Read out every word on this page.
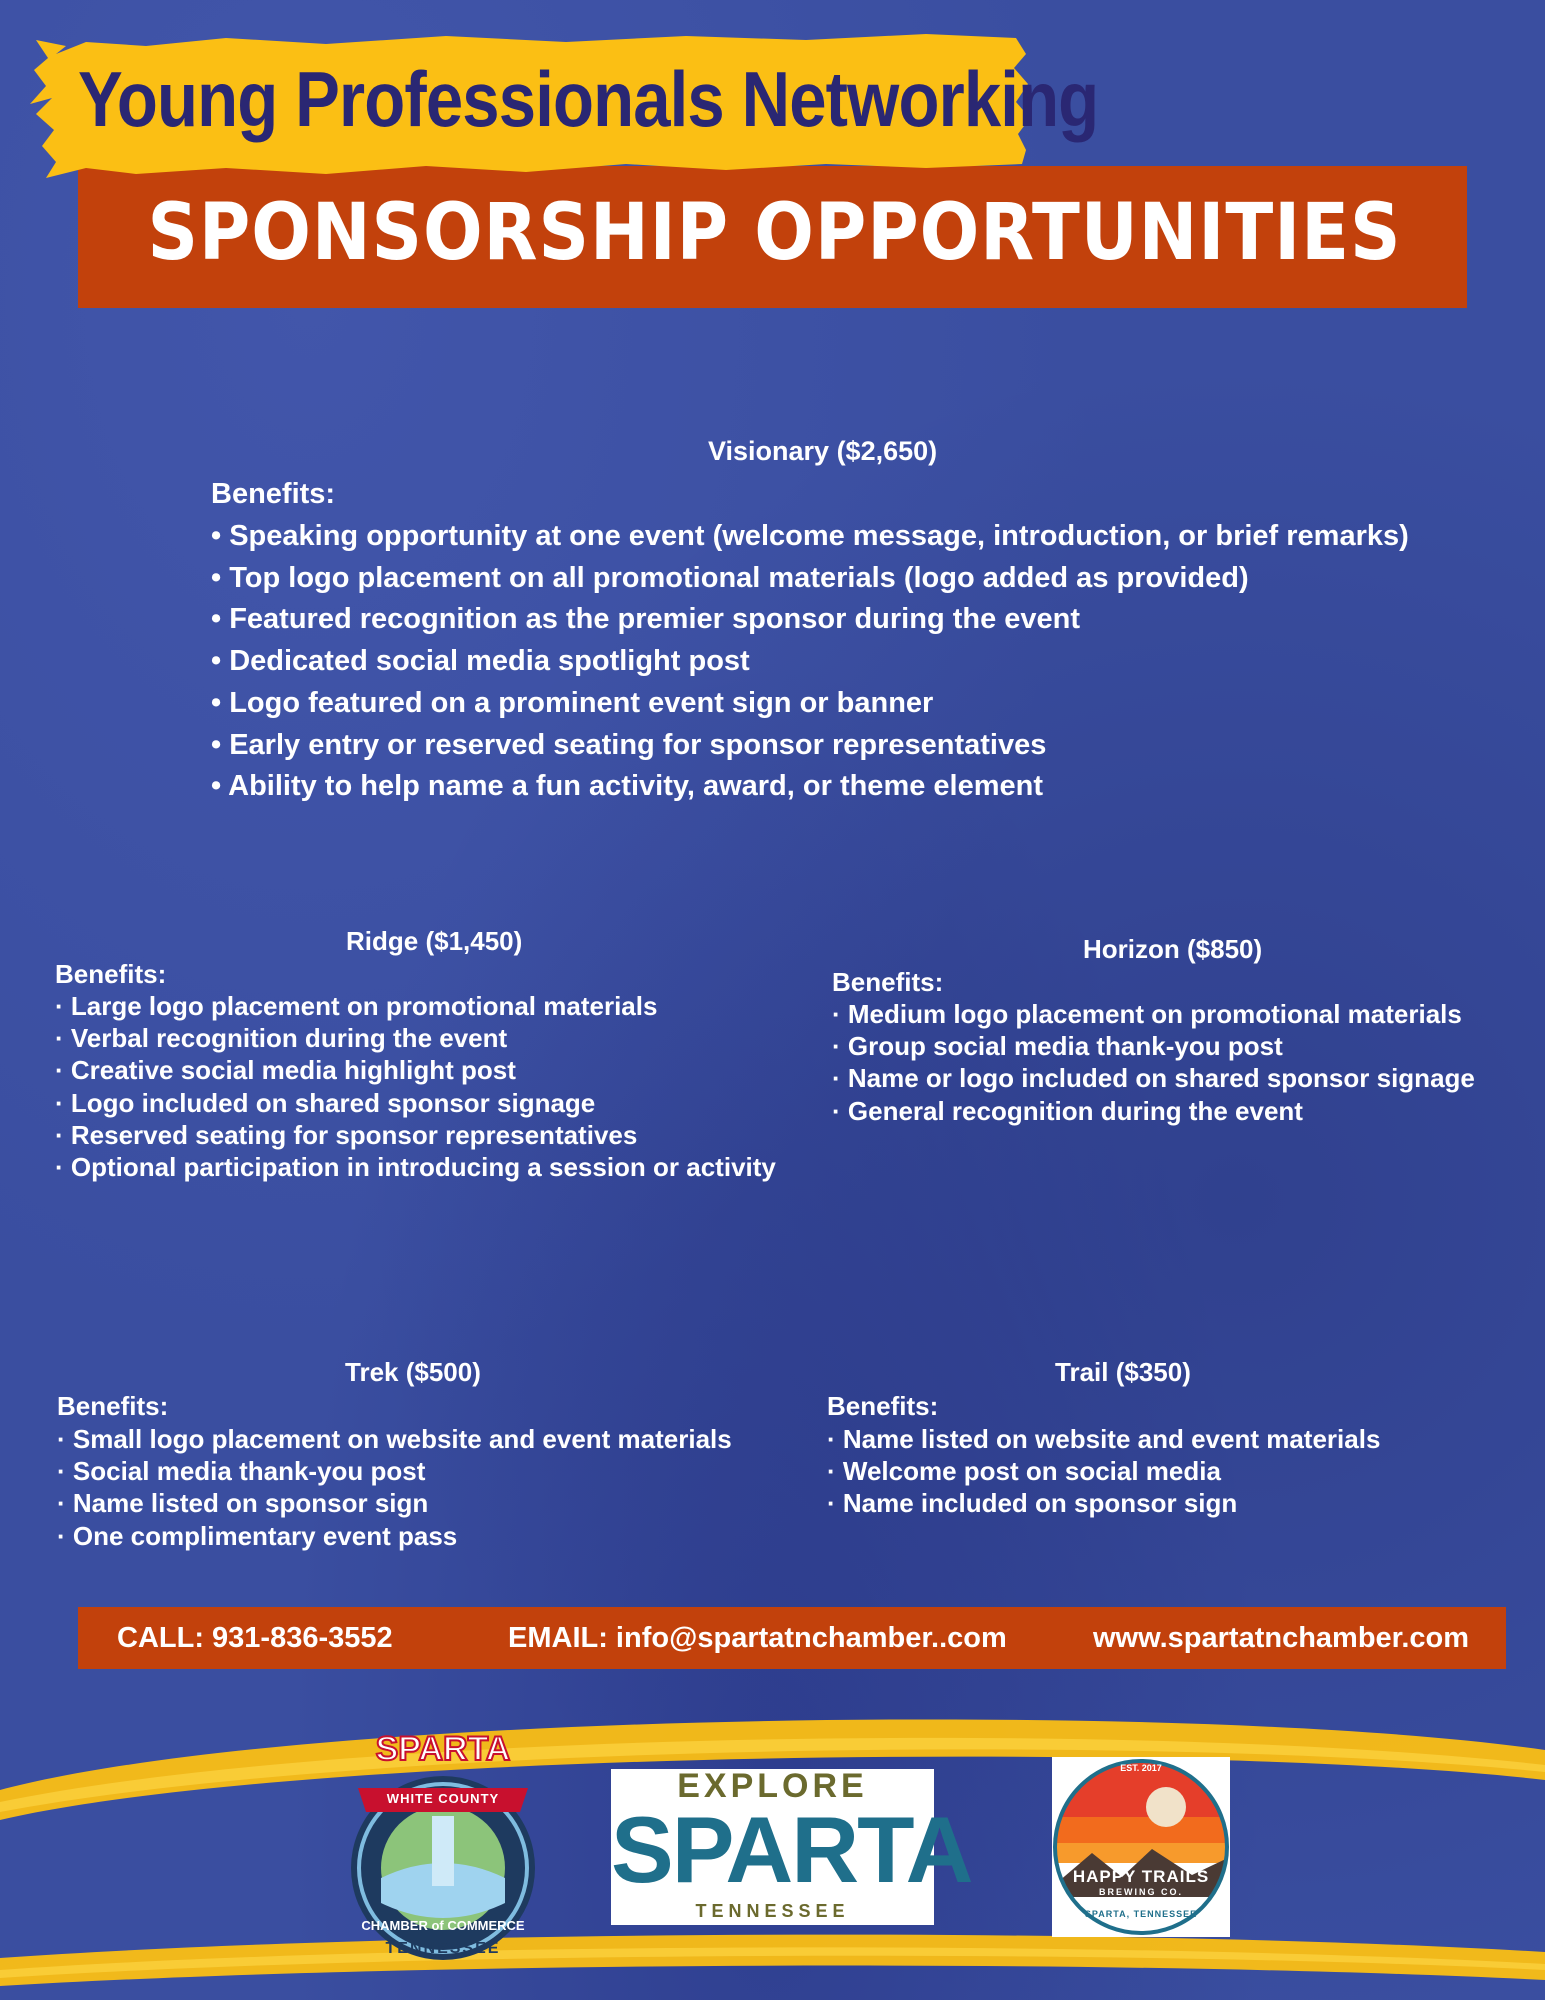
Young Professionals Networking
SPONSORSHIP OPPORTUNITIES
Visionary ($2,650)
Benefits:
• Speaking opportunity at one event (welcome message, introduction, or brief remarks)
• Top logo placement on all promotional materials (logo added as provided)
• Featured recognition as the premier sponsor during the event
• Dedicated social media spotlight post
• Logo featured on a prominent event sign or banner
• Early entry or reserved seating for sponsor representatives
• Ability to help name a fun activity, award, or theme element
Ridge ($1,450)
Benefits:
· Large logo placement on promotional materials
· Verbal recognition during the event
· Creative social media highlight post
· Logo included on shared sponsor signage
· Reserved seating for sponsor representatives
· Optional participation in introducing a session or activity
Horizon ($850)
Benefits:
· Medium logo placement on promotional materials
· Group social media thank-you post
· Name or logo included on shared sponsor signage
· General recognition during the event
Trek ($500)
Benefits:
· Small logo placement on website and event materials
· Social media thank-you post
· Name listed on sponsor sign
· One complimentary event pass
Trail ($350)
Benefits:
· Name listed on website and event materials
· Welcome post on social media
· Name included on sponsor sign
CALL: 931-836-3552	EMAIL: info@spartatnchamber..com	www.spartatnchamber.com
SPARTA
WHITE COUNTY
CHAMBER of COMMERCE
TENNESSEE
EXPLORE
SPARTA
TENNESSEE
EST. 2017
HAPPY TRAILS
BREWING CO.
SPARTA, TENNESSEE
